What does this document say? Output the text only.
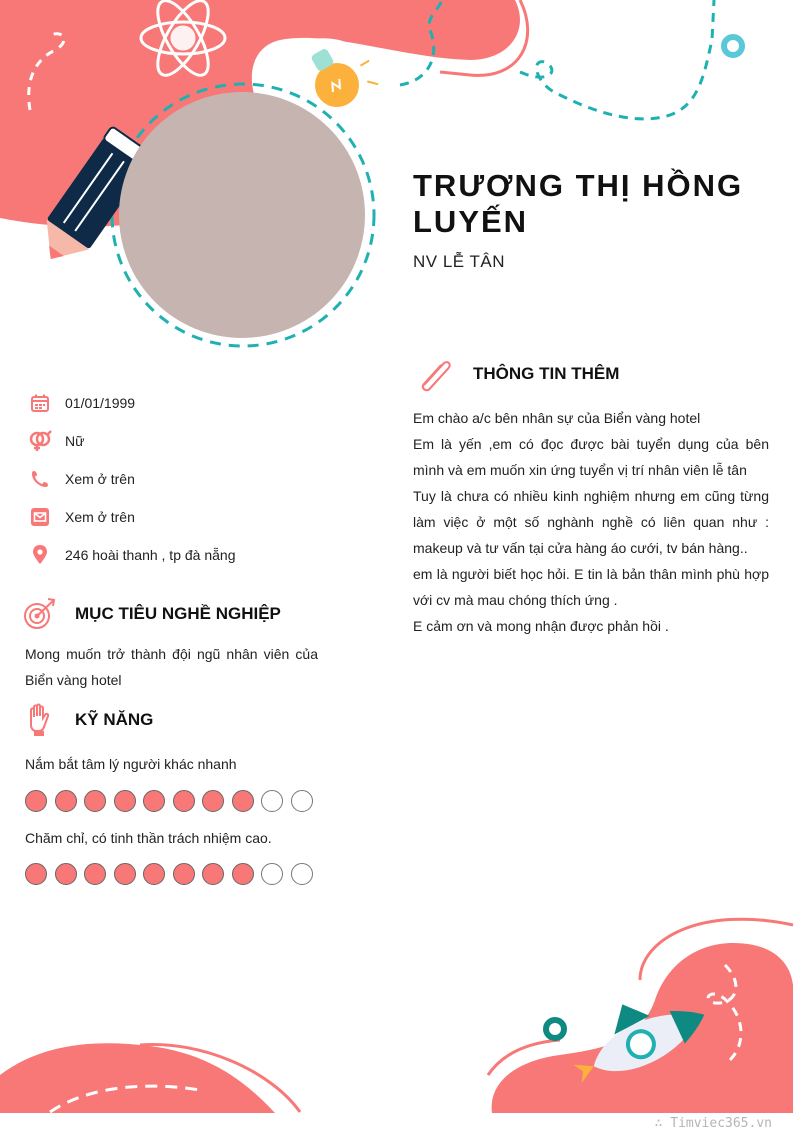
TRƯƠNG THỊ HỒNG LUYẾN
NV LỄ TÂN
01/01/1999
Nữ
Xem ở trên
Xem ở trên
246 hoài thanh , tp đà nẵng
MỤC TIÊU NGHỀ NGHIỆP
Mong muốn trở thành đội ngũ nhân viên của Biển vàng hotel
KỸ NĂNG
Nắm bắt tâm lý người khác nhanh
Chăm chỉ, có tinh thần trách nhiệm cao.
THÔNG TIN THÊM
Em chào a/c bên nhân sự của Biển vàng hotel
Em là yến ,em có đọc được bài tuyển dụng của bên mình và em muốn xin ứng tuyển vị trí nhân viên lễ tân
Tuy là chưa có nhiều kinh nghiệm nhưng em cũng từng làm việc ở một số nghành nghề có liên quan như : makeup và tư vấn tại cửa hàng áo cưới, tv bán hàng..
em là người biết học hỏi. E tin là bản thân mình phù hợp với cv mà mau chóng thích ứng .
E cảm ơn và mong nhận được phản hồi .
∴ Timviec365.vn
